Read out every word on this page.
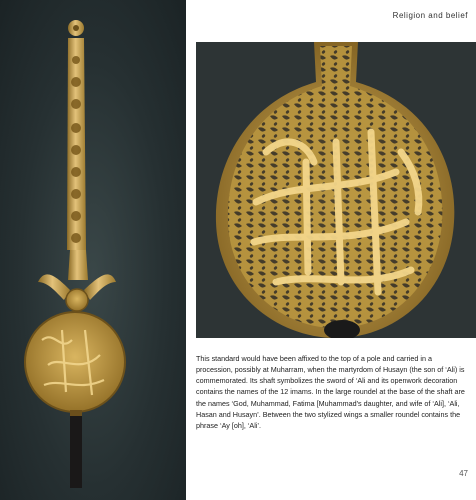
Religion and belief

This standard would have been affixed to the top of a pole and carried in a procession, possibly at Muharram, when the martyrdom of Husayn (the son of ‘Ali) is commemorated. Its shaft symbolizes the sword of ‘Ali and its openwork decoration contains the names of the 12 imams. In the large roundel at the base of the shaft are the names ‘God, Muhammad, Fatima [Muhammad’s daughter, and wife of ‘Ali], ‘Ali, Hasan and Husayn’. Between the two stylized wings a smaller roundel contains the phrase ‘Ay [oh], ‘Ali’.

47
